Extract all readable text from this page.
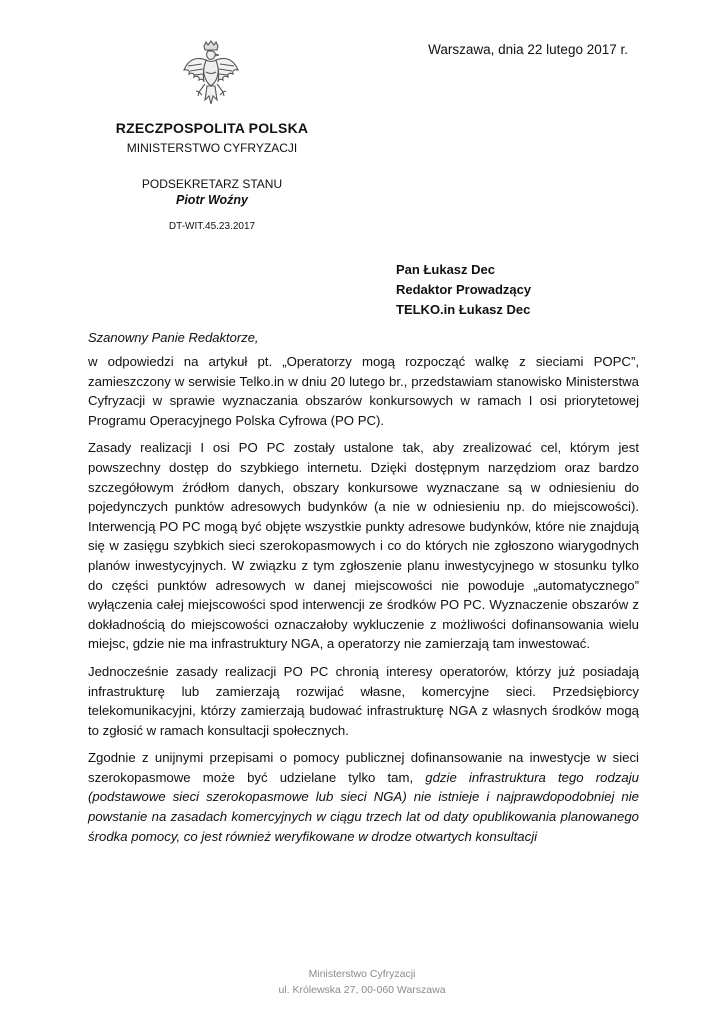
Warszawa, dnia 22 lutego 2017 r.
RZECZPOSPOLITA POLSKA
MINISTERSTWO CYFRYZACJI
PODSEKRETARZ STANU
Piotr Woźny
DT-WIT.45.23.2017
Pan Łukasz Dec
Redaktor Prowadzący
TELKO.in Łukasz Dec
Szanowny Panie Redaktorze,

w odpowiedzi na artykuł pt. „Operatorzy mogą rozpocząć walkę z sieciami POPC”, zamieszczony w serwisie Telko.in w dniu 20 lutego br., przedstawiam stanowisko Ministerstwa Cyfryzacji w sprawie wyznaczania obszarów konkursowych w ramach I osi priorytetowej Programu Operacyjnego Polska Cyfrowa (PO PC).

Zasady realizacji I osi PO PC zostały ustalone tak, aby zrealizować cel, którym jest powszechny dostęp do szybkiego internetu. Dzięki dostępnym narzędziom oraz bardzo szczegółowym źródłom danych, obszary konkursowe wyznaczane są w odniesieniu do pojedynczych punktów adresowych budynków (a nie w odniesieniu np. do miejscowości). Interwencją PO PC mogą być objęte wszystkie punkty adresowe budynków, które nie znajdują się w zasięgu szybkich sieci szerokopasmowych i co do których nie zgłoszono wiarygodnych planów inwestycyjnych. W związku z tym zgłoszenie planu inwestycyjnego w stosunku tylko do części punktów adresowych w danej miejscowości nie powoduje „automatycznego” wyłączenia całej miejscowości spod interwencji ze środków PO PC. Wyznaczenie obszarów z dokładnością do miejscowości oznaczałoby wykluczenie z możliwości dofinansowania wielu miejsc, gdzie nie ma infrastruktury NGA, a operatorzy nie zamierzają tam inwestować.

Jednocześnie zasady realizacji PO PC chronią interesy operatorów, którzy już posiadają infrastrukturę lub zamierzają rozwijać własne, komercyjne sieci. Przedsiębiorcy telekomunikacyjni, którzy zamierzają budować infrastrukturę NGA z własnych środków mogą to zgłosić w ramach konsultacji społecznych.

Zgodnie z unijnymi przepisami o pomocy publicznej dofinansowanie na inwestycje w sieci szerokopasmowe może być udzielane tylko tam, gdzie infrastruktura tego rodzaju (podstawowe sieci szerokopasmowe lub sieci NGA) nie istnieje i najprawdopodobniej nie powstanie na zasadach komercyjnych w ciągu trzech lat od daty opublikowania planowanego środka pomocy, co jest również weryfikowane w drodze otwartych konsultacji

Ministerstwo Cyfryzacji
ul. Królewska 27, 00-060 Warszawa
